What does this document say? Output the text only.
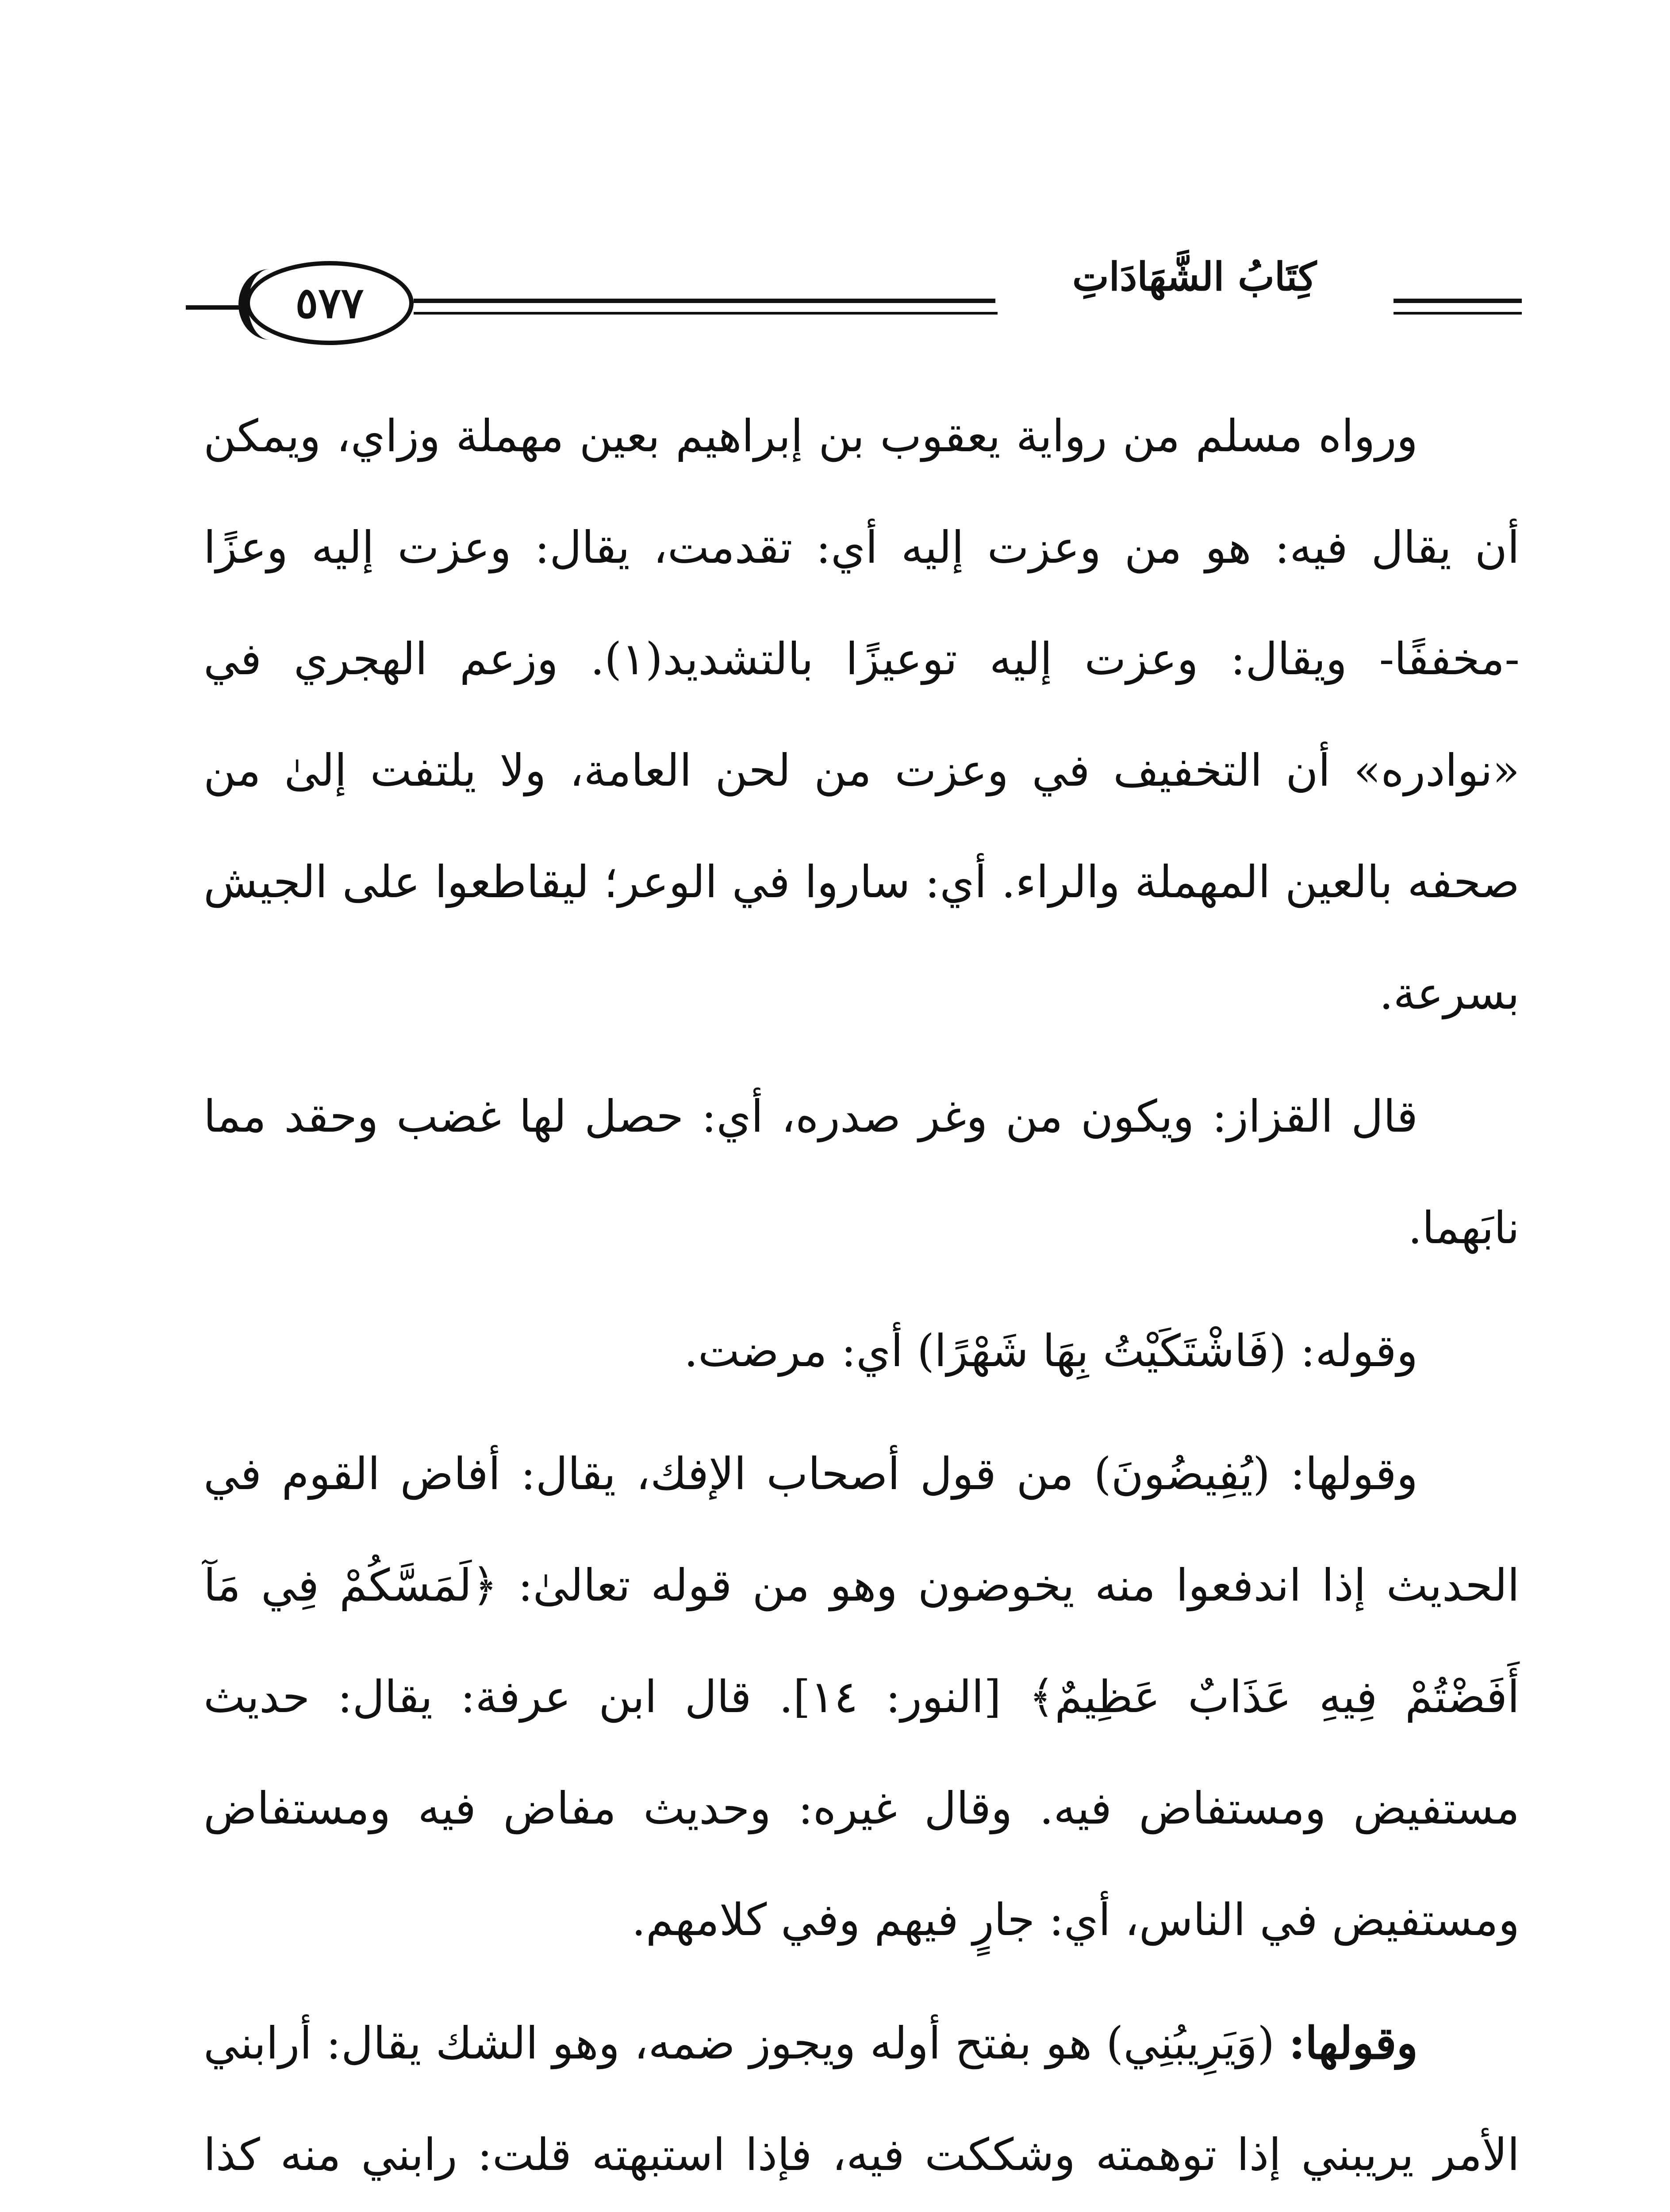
كِتَابُ الشَّهَادَاتِ
٥٧٧

ورواه مسلم من رواية يعقوب بن إبراهيم بعين مهملة وزاي، ويمكن أن يقال فيه: هو من وعزت إليه أي: تقدمت، يقال: وعزت إليه وعزًا -مخففًا- ويقال: وعزت إليه توعيزًا بالتشديد(١). وزعم الهجري في «نوادره» أن التخفيف في وعزت من لحن العامة، ولا يلتفت إلىٰ من صحفه بالعين المهملة والراء. أي: ساروا في الوعر؛ ليقاطعوا على الجيش بسرعة.

قال القزاز: ويكون من وغر صدره، أي: حصل لها غضب وحقد مما نابَهما.

وقوله: (فَاشْتَكَيْتُ بِهَا شَهْرًا) أي: مرضت.

وقولها: (يُفِيضُونَ) من قول أصحاب الإفك، يقال: أفاض القوم في الحديث إذا اندفعوا منه يخوضون وهو من قوله تعالىٰ: ﴿لَمَسَّكُمْ فِي مَآ أَفَضْتُمْ فِيهِ عَذَابٌ عَظِيمٌ﴾ [النور: ١٤]. قال ابن عرفة: يقال: حديث مستفيض ومستفاض فيه. وقال غيره: وحديث مفاض فيه ومستفاض ومستفيض في الناس، أي: جارٍ فيهم وفي كلامهم.

وقولها: (وَيَرِيبُنِي) هو بفتح أوله ويجوز ضمه، وهو الشك يقال: أرابني الأمر يريبني إذا توهمته وشككت فيه، فإذا استبهته قلت: رابني منه كذا
